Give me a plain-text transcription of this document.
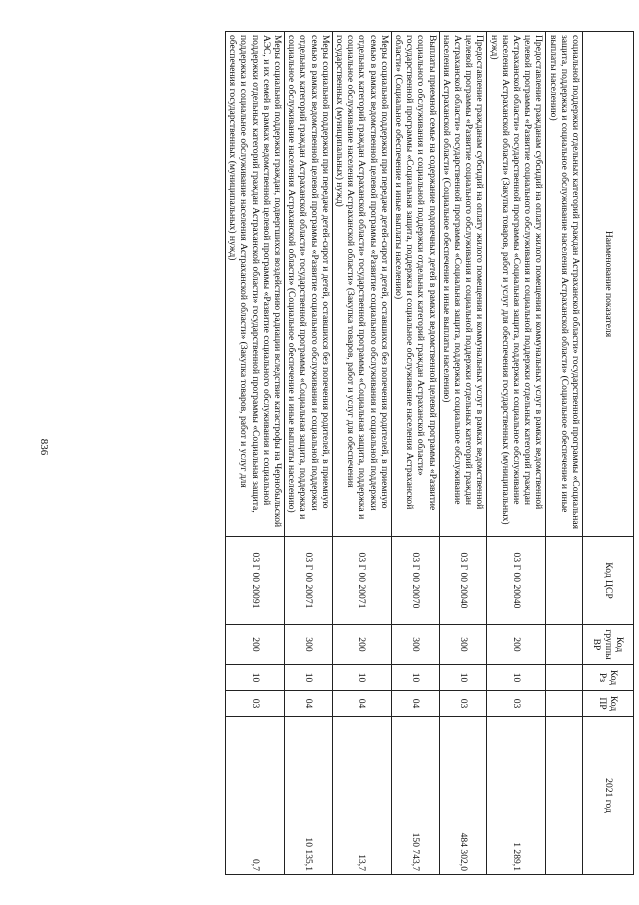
836
Наименование показателя	Код ЦСР	Код группы ВР	Код Рз	Код ПР	2021 год
социальной поддержки отдельных категорий граждан Астраханской области» государственной программы «Социальная защита, поддержка и социальное обслуживание населения Астраханской области» (Социальное обеспечение и иные выплаты населению)					
Предоставление гражданам субсидий на оплату жилого помещения и коммунальных услуг в рамках ведомственной целевой программы «Развитие социального обслуживания и социальной поддержки отдельных категорий граждан Астраханской области» государственной программы «Социальная защита, поддержка и социальное обслуживание населения Астраханской области» (Закупка товаров, работ и услуг для обеспечения государственных (муниципальных) нужд)	03 Г 00 20040	200	10	03	1 289,1
Предоставление гражданам субсидий на оплату жилого помещения и коммунальных услуг в рамках ведомственной целевой программы «Развитие социального обслуживания и социальной поддержки отдельных категорий граждан Астраханской области» государственной программы «Социальная защита, поддержка и социальное обслуживание населения Астраханской области» (Социальное обеспечение и иные выплаты населению)	03 Г 00 20040	300	10	03	484 302,0
Выплаты приемной семье на содержание подопечных детей в рамках ведомственной целевой программы «Развитие социального обслуживания и социальной поддержки отдельных категорий граждан Астраханской области» государственной программы «Социальная защита, поддержка и социальное обслуживание населения Астраханской области» (Социальное обеспечение и иные выплаты населению)	03 Г 00 20070	300	10	04	150 743,7
Меры социальной поддержки при передаче детей-сирот и детей, оставшихся без попечения родителей, в приемную семью в рамках ведомственной целевой программы «Развитие социального обслуживания и социальной поддержки отдельных категорий граждан Астраханской области» государственной программы «Социальная защита, поддержка и социальное обслуживание населения Астраханской области» (Закупка товаров, работ и услуг для обеспечения государственных (муниципальных) нужд)	03 Г 00 20071	200	10	04	13,7
Меры социальной поддержки при передаче детей-сирот и детей, оставшихся без попечения родителей, в приемную семью в рамках ведомственной целевой программы «Развитие социального обслуживания и социальной поддержки отдельных категорий граждан Астраханской области» государственной программы «Социальная защита, поддержка и социальное обслуживание населения Астраханской области» (Социальное обеспечение и иные выплаты населению)	03 Г 00 20071	300	10	04	10 135,1
Меры социальной поддержки граждан, подвергшихся воздействию радиации вследствие катастрофы на Чернобыльской АЭС, и их семей в рамках ведомственной целевой программы «Развитие социального обслуживания и социальной поддержки отдельных категорий граждан Астраханской области» государственной программы «Социальная защита, поддержка и социальное обслуживание населения Астраханской области» (Закупка товаров, работ и услуг для обеспечения государственных (муниципальных) нужд)	03 Г 00 20091	200	10	03	0,7
